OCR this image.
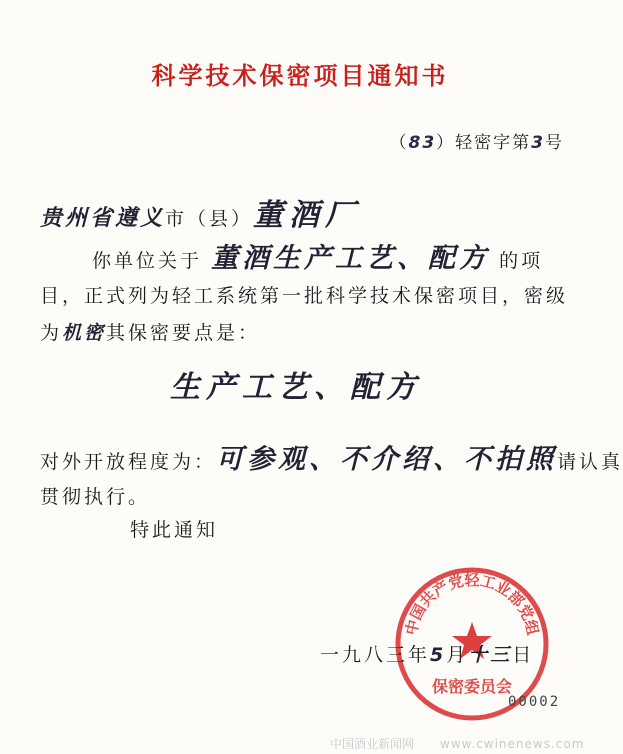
科学技术保密项目通知书
（83）轻密字第3号
贵州省遵义市（县）董酒厂
你单位关于 董酒生产工艺、配方 的项
目，正式列为轻工系统第一批科学技术保密项目，密级
为机密其保密要点是：
生产工艺、配方
对外开放程度为：可参观、不介绍、不拍照请认真
贯彻执行。
特此通知
中国共产党轻工业部党组
保密委员会
一九八三年5月十三日
00002
中国酒业新闻网 www.cwinenews.com
